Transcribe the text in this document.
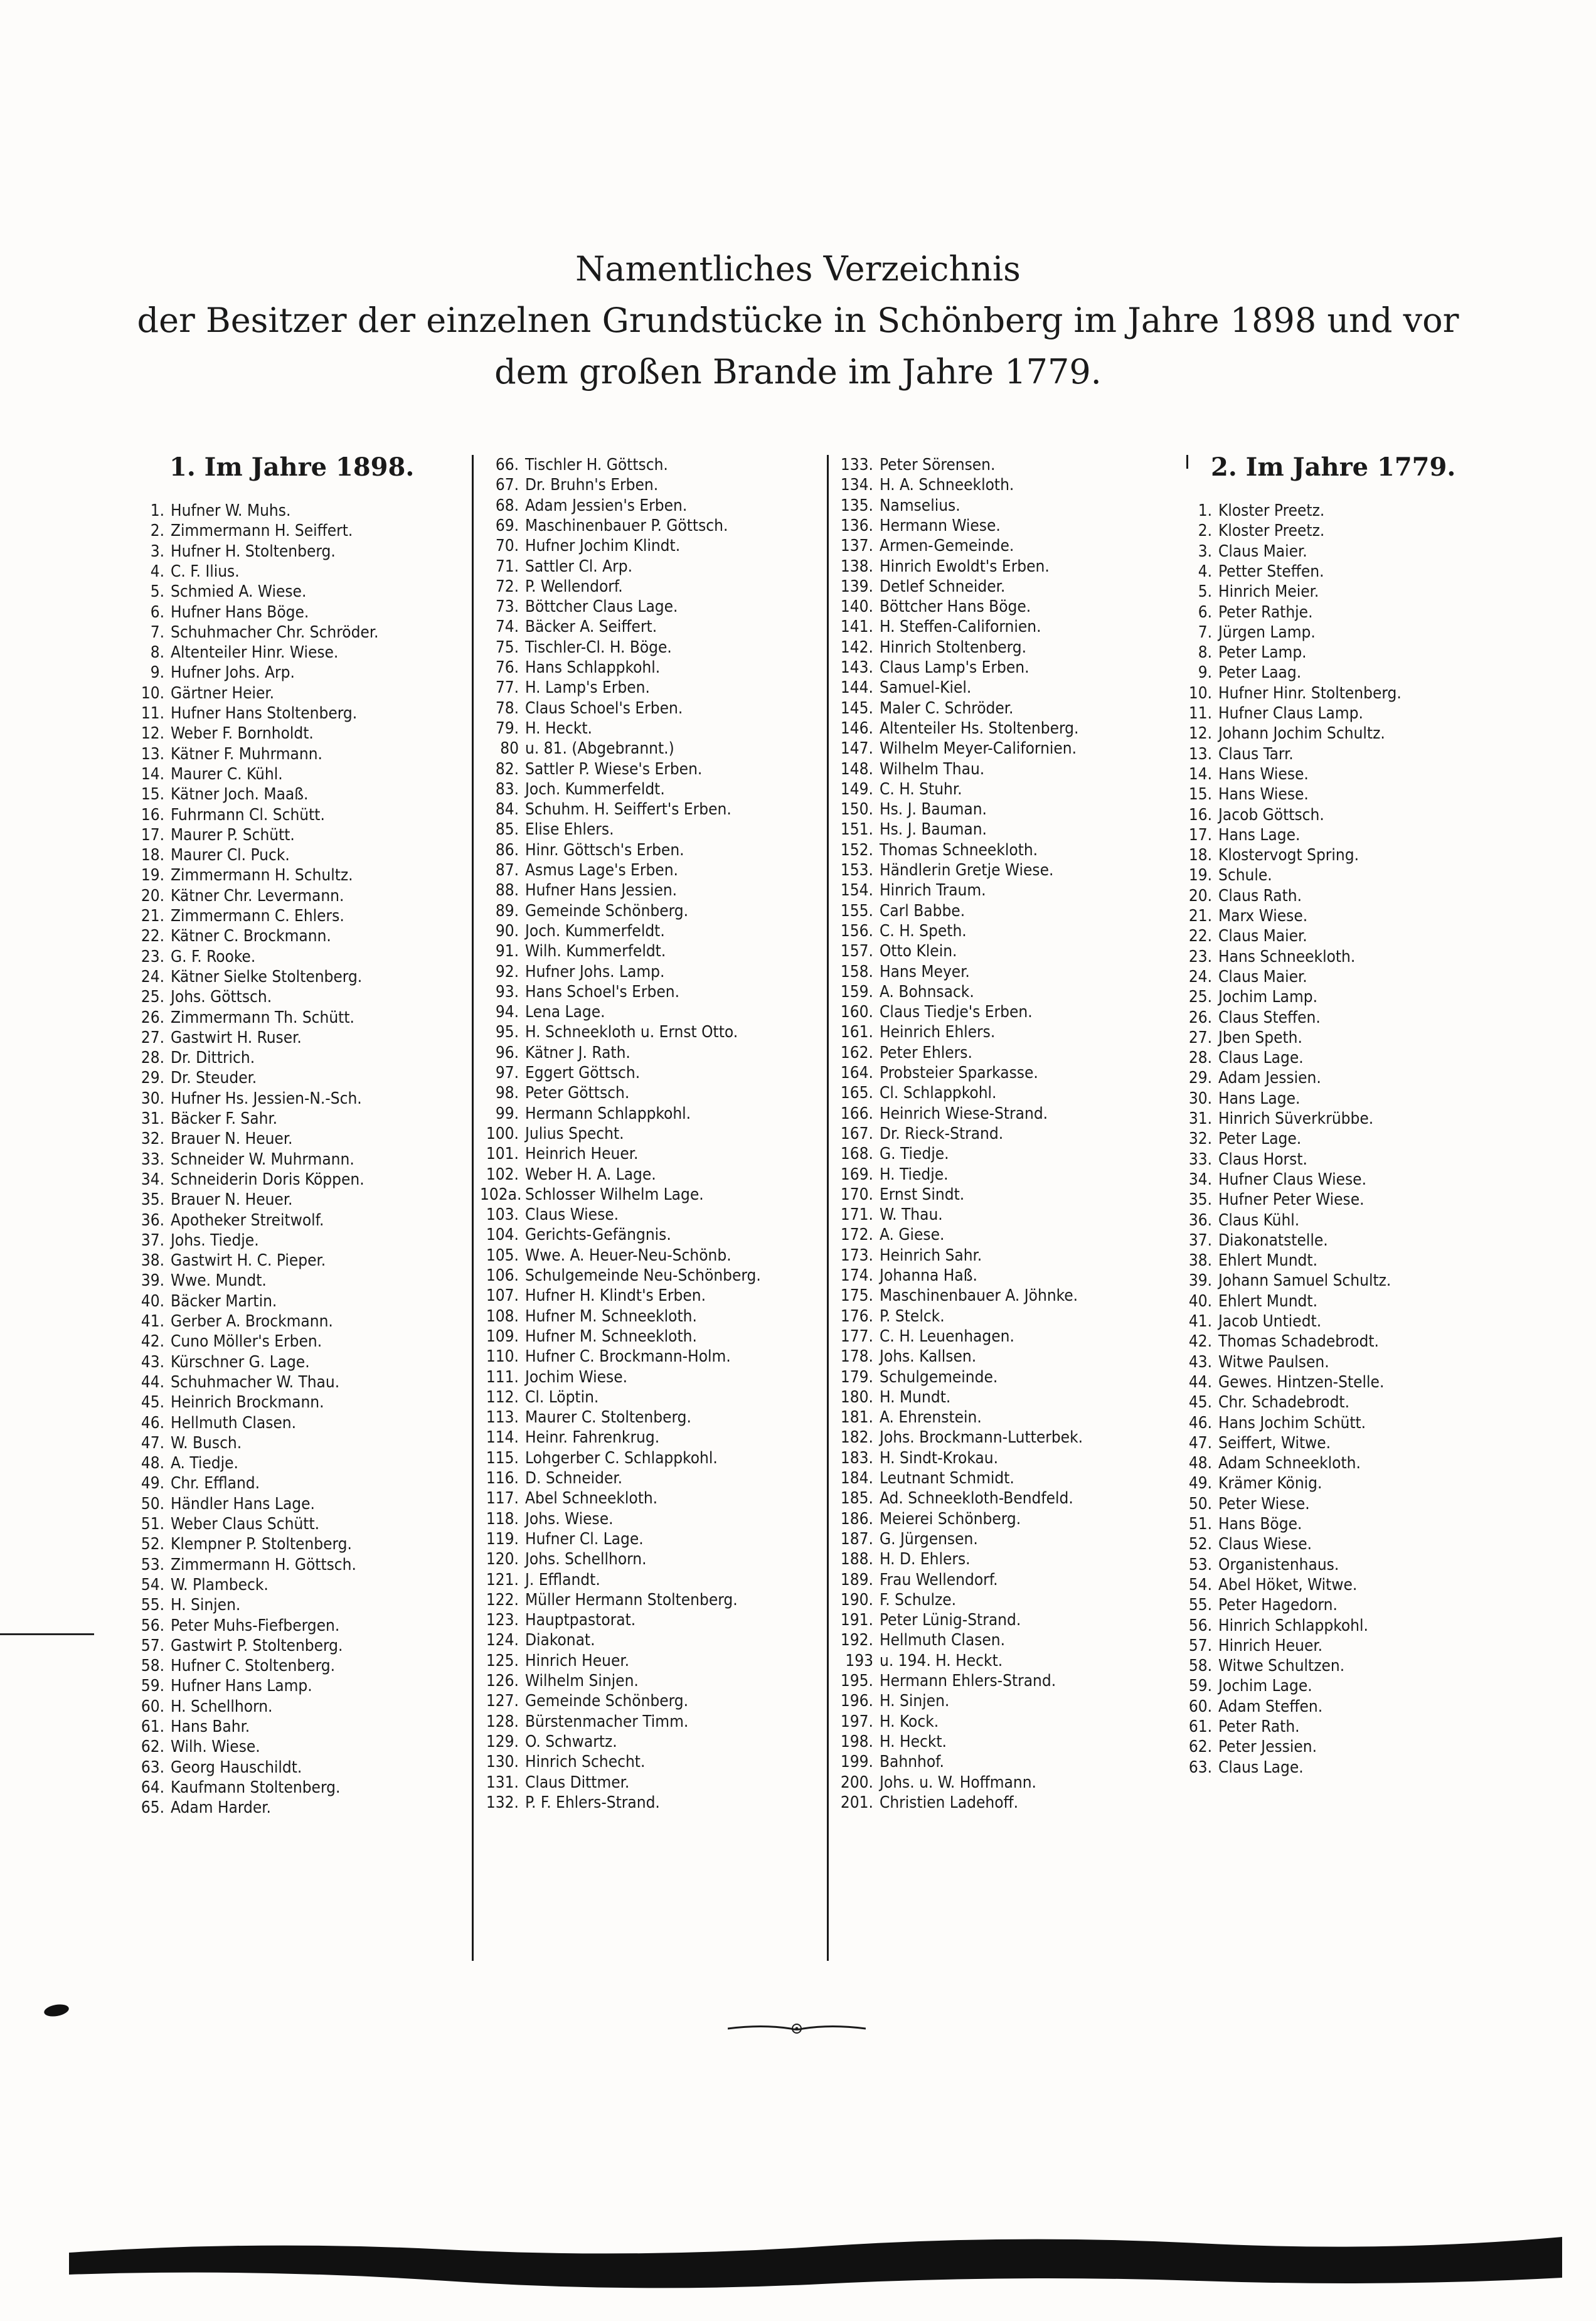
Namentliches Verzeichnis
der Besitzer der einzelnen Grundstücke in Schönberg im Jahre 1898 und vor
dem großen Brande im Jahre 1779.
1. Im Jahre 1898.	2. Im Jahre 1779.
1. Hufner W. Muhs.
2. Zimmermann H. Seiffert.
3. Hufner H. Stoltenberg.
4. C. F. Ilius.
5. Schmied A. Wiese.
6. Hufner Hans Böge.
7. Schuhmacher Chr. Schröder.
8. Altenteiler Hinr. Wiese.
9. Hufner Johs. Arp.
10. Gärtner Heier.
11. Hufner Hans Stoltenberg.
12. Weber F. Bornholdt.
13. Kätner F. Muhrmann.
14. Maurer C. Kühl.
15. Kätner Joch. Maaß.
16. Fuhrmann Cl. Schütt.
17. Maurer P. Schütt.
18. Maurer Cl. Puck.
19. Zimmermann H. Schultz.
20. Kätner Chr. Levermann.
21. Zimmermann C. Ehlers.
22. Kätner C. Brockmann.
23. G. F. Rooke.
24. Kätner Sielke Stoltenberg.
25. Johs. Göttsch.
26. Zimmermann Th. Schütt.
27. Gastwirt H. Ruser.
28. Dr. Dittrich.
29. Dr. Steuder.
30. Hufner Hs. Jessien-N.-Sch.
31. Bäcker F. Sahr.
32. Brauer N. Heuer.
33. Schneider W. Muhrmann.
34. Schneiderin Doris Köppen.
35. Brauer N. Heuer.
36. Apotheker Streitwolf.
37. Johs. Tiedje.
38. Gastwirt H. C. Pieper.
39. Wwe. Mundt.
40. Bäcker Martin.
41. Gerber A. Brockmann.
42. Cuno Möller's Erben.
43. Kürschner G. Lage.
44. Schuhmacher W. Thau.
45. Heinrich Brockmann.
46. Hellmuth Clasen.
47. W. Busch.
48. A. Tiedje.
49. Chr. Effland.
50. Händler Hans Lage.
51. Weber Claus Schütt.
52. Klempner P. Stoltenberg.
53. Zimmermann H. Göttsch.
54. W. Plambeck.
55. H. Sinjen.
56. Peter Muhs-Fiefbergen.
57. Gastwirt P. Stoltenberg.
58. Hufner C. Stoltenberg.
59. Hufner Hans Lamp.
60. H. Schellhorn.
61. Hans Bahr.
62. Wilh. Wiese.
63. Georg Hauschildt.
64. Kaufmann Stoltenberg.
65. Adam Harder.
66. Tischler H. Göttsch.
67. Dr. Bruhn's Erben.
68. Adam Jessien's Erben.
69. Maschinenbauer P. Göttsch.
70. Hufner Jochim Klindt.
71. Sattler Cl. Arp.
72. P. Wellendorf.
73. Böttcher Claus Lage.
74. Bäcker A. Seiffert.
75. Tischler-Cl. H. Böge.
76. Hans Schlappkohl.
77. H. Lamp's Erben.
78. Claus Schoel's Erben.
79. H. Heckt.
80 u. 81. (Abgebrannt.)
82. Sattler P. Wiese's Erben.
83. Joch. Kummerfeldt.
84. Schuhm. H. Seiffert's Erben.
85. Elise Ehlers.
86. Hinr. Göttsch's Erben.
87. Asmus Lage's Erben.
88. Hufner Hans Jessien.
89. Gemeinde Schönberg.
90. Joch. Kummerfeldt.
91. Wilh. Kummerfeldt.
92. Hufner Johs. Lamp.
93. Hans Schoel's Erben.
94. Lena Lage.
95. H. Schneekloth u. Ernst Otto.
96. Kätner J. Rath.
97. Eggert Göttsch.
98. Peter Göttsch.
99. Hermann Schlappkohl.
100. Julius Specht.
101. Heinrich Heuer.
102. Weber H. A. Lage.
102a. Schlosser Wilhelm Lage.
103. Claus Wiese.
104. Gerichts-Gefängnis.
105. Wwe. A. Heuer-Neu-Schönb.
106. Schulgemeinde Neu-Schönberg.
107. Hufner H. Klindt's Erben.
108. Hufner M. Schneekloth.
109. Hufner M. Schneekloth.
110. Hufner C. Brockmann-Holm.
111. Jochim Wiese.
112. Cl. Löptin.
113. Maurer C. Stoltenberg.
114. Heinr. Fahrenkrug.
115. Lohgerber C. Schlappkohl.
116. D. Schneider.
117. Abel Schneekloth.
118. Johs. Wiese.
119. Hufner Cl. Lage.
120. Johs. Schellhorn.
121. J. Efflandt.
122. Müller Hermann Stoltenberg.
123. Hauptpastorat.
124. Diakonat.
125. Hinrich Heuer.
126. Wilhelm Sinjen.
127. Gemeinde Schönberg.
128. Bürstenmacher Timm.
129. O. Schwartz.
130. Hinrich Schecht.
131. Claus Dittmer.
132. P. F. Ehlers-Strand.
133. Peter Sörensen.
134. H. A. Schneekloth.
135. Namselius.
136. Hermann Wiese.
137. Armen-Gemeinde.
138. Hinrich Ewoldt's Erben.
139. Detlef Schneider.
140. Böttcher Hans Böge.
141. H. Steffen-Californien.
142. Hinrich Stoltenberg.
143. Claus Lamp's Erben.
144. Samuel-Kiel.
145. Maler C. Schröder.
146. Altenteiler Hs. Stoltenberg.
147. Wilhelm Meyer-Californien.
148. Wilhelm Thau.
149. C. H. Stuhr.
150. Hs. J. Bauman.
151. Hs. J. Bauman.
152. Thomas Schneekloth.
153. Händlerin Gretje Wiese.
154. Hinrich Traum.
155. Carl Babbe.
156. C. H. Speth.
157. Otto Klein.
158. Hans Meyer.
159. A. Bohnsack.
160. Claus Tiedje's Erben.
161. Heinrich Ehlers.
162. Peter Ehlers.
164. Probsteier Sparkasse.
165. Cl. Schlappkohl.
166. Heinrich Wiese-Strand.
167. Dr. Rieck-Strand.
168. G. Tiedje.
169. H. Tiedje.
170. Ernst Sindt.
171. W. Thau.
172. A. Giese.
173. Heinrich Sahr.
174. Johanna Haß.
175. Maschinenbauer A. Jöhnke.
176. P. Stelck.
177. C. H. Leuenhagen.
178. Johs. Kallsen.
179. Schulgemeinde.
180. H. Mundt.
181. A. Ehrenstein.
182. Johs. Brockmann-Lutterbek.
183. H. Sindt-Krokau.
184. Leutnant Schmidt.
185. Ad. Schneekloth-Bendfeld.
186. Meierei Schönberg.
187. G. Jürgensen.
188. H. D. Ehlers.
189. Frau Wellendorf.
190. F. Schulze.
191. Peter Lünig-Strand.
192. Hellmuth Clasen.
193 u. 194. H. Heckt.
195. Hermann Ehlers-Strand.
196. H. Sinjen.
197. H. Kock.
198. H. Heckt.
199. Bahnhof.
200. Johs. u. W. Hoffmann.
201. Christien Ladehoff.
1. Kloster Preetz.
2. Kloster Preetz.
3. Claus Maier.
4. Petter Steffen.
5. Hinrich Meier.
6. Peter Rathje.
7. Jürgen Lamp.
8. Peter Lamp.
9. Peter Laag.
10. Hufner Hinr. Stoltenberg.
11. Hufner Claus Lamp.
12. Johann Jochim Schultz.
13. Claus Tarr.
14. Hans Wiese.
15. Hans Wiese.
16. Jacob Göttsch.
17. Hans Lage.
18. Klostervogt Spring.
19. Schule.
20. Claus Rath.
21. Marx Wiese.
22. Claus Maier.
23. Hans Schneekloth.
24. Claus Maier.
25. Jochim Lamp.
26. Claus Steffen.
27. Jben Speth.
28. Claus Lage.
29. Adam Jessien.
30. Hans Lage.
31. Hinrich Süverkrübbe.
32. Peter Lage.
33. Claus Horst.
34. Hufner Claus Wiese.
35. Hufner Peter Wiese.
36. Claus Kühl.
37. Diakonatstelle.
38. Ehlert Mundt.
39. Johann Samuel Schultz.
40. Ehlert Mundt.
41. Jacob Untiedt.
42. Thomas Schadebrodt.
43. Witwe Paulsen.
44. Gewes. Hintzen-Stelle.
45. Chr. Schadebrodt.
46. Hans Jochim Schütt.
47. Seiffert, Witwe.
48. Adam Schneekloth.
49. Krämer König.
50. Peter Wiese.
51. Hans Böge.
52. Claus Wiese.
53. Organistenhaus.
54. Abel Höket, Witwe.
55. Peter Hagedorn.
56. Hinrich Schlappkohl.
57. Hinrich Heuer.
58. Witwe Schultzen.
59. Jochim Lage.
60. Adam Steffen.
61. Peter Rath.
62. Peter Jessien.
63. Claus Lage.
